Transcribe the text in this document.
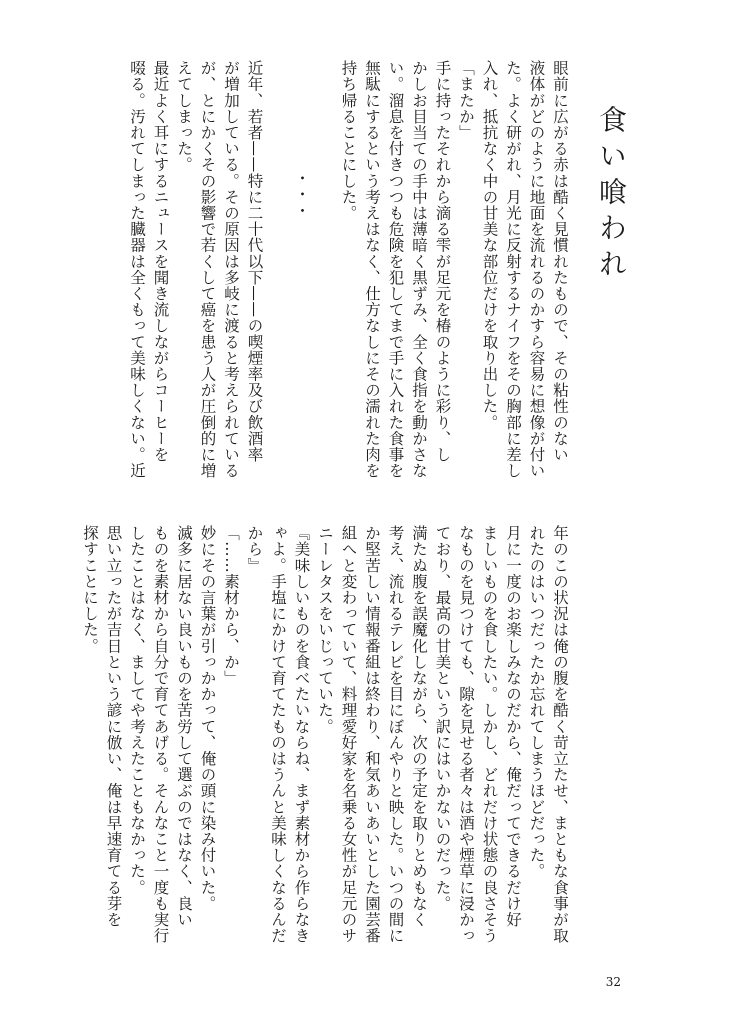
食い喰われ

眼前に広がる赤は酷く見慣れたもので、その粘性のない

液体がどのように地面を流れるのかすら容易に想像が付い

た。よく研がれ、月光に反射するナイフをその胸部に差し

入れ、抵抗なく中の甘美な部位だけを取り出した。

「またか」

手に持ったそれから滴る雫が足元を椿のように彩り、し

かしお目当ての手中は薄暗く黒ずみ、全く食指を動かさな

い。溜息を付きつつも危険を犯してまで手に入れた食事を

無駄にするという考えはなく、仕方なしにその濡れた肉を

持ち帰ることにした。

・・・

近年、若者——特に二十代以下——の喫煙率及び飲酒率

が増加している。その原因は多岐に渡ると考えられている

が、とにかくその影響で若くして癌を患う人が圧倒的に増

えてしまった。

最近よく耳にするニュースを聞き流しながらコーヒーを

啜る。汚れてしまった臓器は全くもって美味しくない。近

年のこの状況は俺の腹を酷く苛立たせ、まともな食事が取

れたのはいつだったか忘れてしまうほどだった。

月に一度のお楽しみなのだから、俺だってできるだけ好

ましいものを食したい。しかし、どれだけ状態の良さそう

なものを見つけても、隙を見せる者々は酒や煙草に浸かっ

ており、最高の甘美という訳にはいかないのだった。

満たぬ腹を誤魔化しながら、次の予定を取りとめもなく

考え、流れるテレビを目にぼんやりと映した。いつの間に

か堅苦しい情報番組は終わり、和気あいあいとした園芸番

組へと変わっていて、料理愛好家を名乗る女性が足元のサ

ニーレタスをいじっていた。

『美味しいものを食べたいならね、まず素材から作らなき

ゃよ。手塩にかけて育てたものはうんと美味しくなるんだ

から』

「……素材から、か」

妙にその言葉が引っかかって、俺の頭に染み付いた。

滅多に居ない良いものを苦労して選ぶのではなく、良い

ものを素材から自分で育てあげる。そんなこと一度も実行

したことはなく、ましてや考えたこともなかった。

思い立ったが吉日という諺に倣い、俺は早速育てる芽を

探すことにした。

32
